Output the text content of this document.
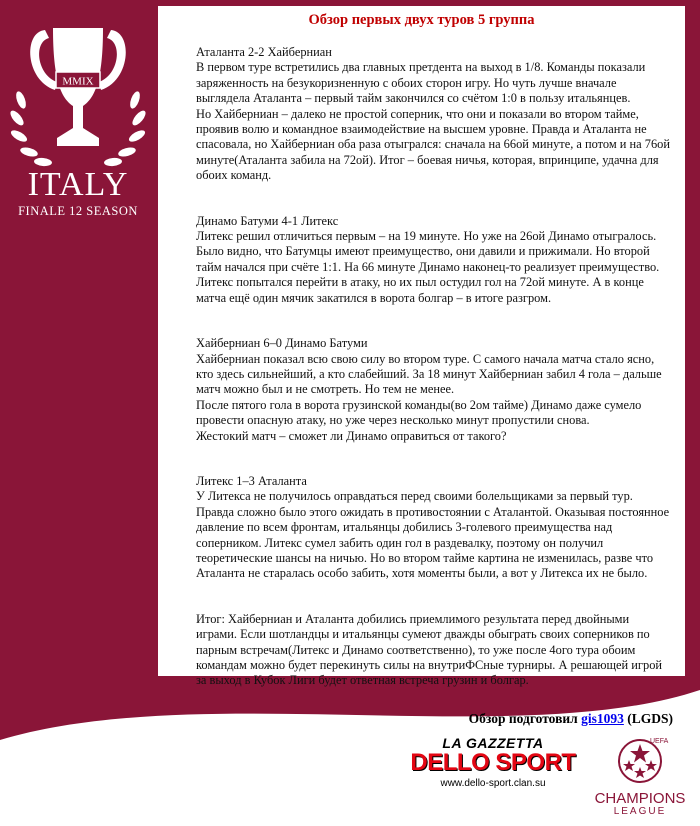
MMIX
ITALY
FINALE 12 SEASON
Обзор первых двух туров 5 группа

Аталанта 2-2 Хайберниан

В первом туре встретились два главных претдента на выход в 1/8. Команды показали заряженность на безукоризненную с обоих сторон игру. Но чуть лучше вначале выглядела Аталанта – первый тайм закончился со счётом 1:0 в пользу итальянцев.

Но Хайберниан – далеко не простой соперник, что они и показали во втором тайме, проявив волю и командное взаимодействие на высшем уровне. Правда и Аталанта не спасовала, но Хайберниан оба раза отыгрался: сначала на 66ой минуте, а потом и на 76ой минуте(Аталанта забила на 72ой). Итог – боевая ничья, которая, впринципе, удачна для обоих команд.

Динамо Батуми 4-1 Литекс

Литекс решил отличиться первым – на 19 минуте. Но уже на 26ой Динамо отыгралось. Было видно, что Батумцы имеют преимущество, они давили и прижимали. Но второй тайм начался при счёте 1:1. На 66 минуте Динамо наконец-то реализует преимущество. Литекс попытался перейти в атаку, но их пыл остудил гол на 72ой минуте. А в конце матча ещё один мячик закатился в ворота болгар – в итоге разгром.

Хайберниан 6–0 Динамо Батуми

Хайберниан показал всю свою силу во втором туре. С самого начала матча стало ясно, кто здесь сильнейший, а кто слабейший. За 18 минут Хайберниан забил 4 гола – дальше матч можно был и не смотреть. Но тем не менее.

После пятого гола в ворота грузинской команды(во 2ом тайме) Динамо даже сумело провести опасную атаку, но уже через несколько минут пропустили снова.

Жестокий матч – сможет ли Динамо оправиться от такого?

Литекс 1–3 Аталанта

У Литекса не получилось оправдаться перед своими болельщиками за первый тур. Правда сложно было этого ожидать в противостоянии с Аталантой. Оказывая постоянное давление по всем фронтам, итальянцы добились 3-голевого преимущества над соперником. Литекс сумел забить один гол в раздевалку, поэтому он получил теоретические шансы на ничью. Но во втором тайме картина не изменилась, разве что Аталанта не старалась особо забить, хотя моменты были, а вот у Литекса их не было.

Итог: Хайберниан и Аталанта добились приемлимого результата перед двойными играми. Если шотландцы и итальянцы сумеют дважды обыграть своих соперников по парным встречам(Литекс и Динамо соответственно), то уже после 4ого тура обоим командам можно будет перекинуть силы на внутриФСные турниры. А решающей игрой за выход в Кубок Лиги будет ответная встреча грузин и болгар.

Обзор подготовил gis1093 (LGDS)
LA GAZZETTA
DELLO SPORT
www.dello-sport.clan.su
UEFA
CHAMPIONS
LEAGUE
